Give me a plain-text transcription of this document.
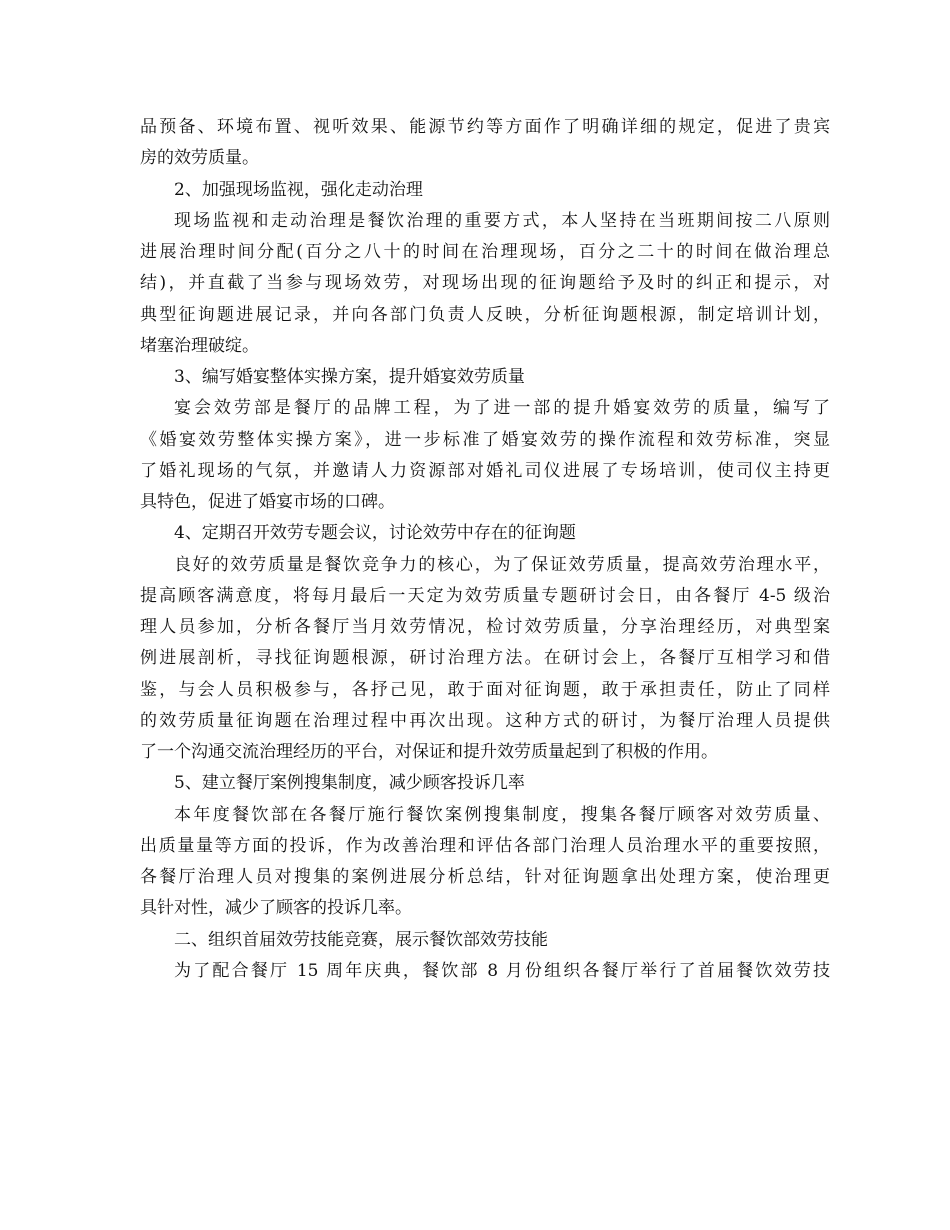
品预备、环境布置、视听效果、能源节约等方面作了明确详细的规定，促进了贵宾
房的效劳质量。
2、加强现场监视，强化走动治理
现场监视和走动治理是餐饮治理的重要方式，本人坚持在当班期间按二八原则
进展治理时间分配(百分之八十的时间在治理现场，百分之二十的时间在做治理总
结)，并直截了当参与现场效劳，对现场出现的征询题给予及时的纠正和提示，对
典型征询题进展记录，并向各部门负责人反映，分析征询题根源，制定培训计划，
堵塞治理破绽。
3、编写婚宴整体实操方案，提升婚宴效劳质量
宴会效劳部是餐厅的品牌工程，为了进一部的提升婚宴效劳的质量，编写了
《婚宴效劳整体实操方案》，进一步标准了婚宴效劳的操作流程和效劳标准，突显
了婚礼现场的气氛，并邀请人力资源部对婚礼司仪进展了专场培训，使司仪主持更
具特色，促进了婚宴市场的口碑。
4、定期召开效劳专题会议，讨论效劳中存在的征询题
良好的效劳质量是餐饮竞争力的核心，为了保证效劳质量，提高效劳治理水平，
提高顾客满意度，将每月最后一天定为效劳质量专题研讨会日，由各餐厅 4-5 级治
理人员参加，分析各餐厅当月效劳情况，检讨效劳质量，分享治理经历，对典型案
例进展剖析，寻找征询题根源，研讨治理方法。在研讨会上，各餐厅互相学习和借
鉴，与会人员积极参与，各抒己见，敢于面对征询题，敢于承担责任，防止了同样
的效劳质量征询题在治理过程中再次出现。这种方式的研讨，为餐厅治理人员提供
了一个沟通交流治理经历的平台，对保证和提升效劳质量起到了积极的作用。
5、建立餐厅案例搜集制度，减少顾客投诉几率
本年度餐饮部在各餐厅施行餐饮案例搜集制度，搜集各餐厅顾客对效劳质量、
出质量量等方面的投诉，作为改善治理和评估各部门治理人员治理水平的重要按照，
各餐厅治理人员对搜集的案例进展分析总结，针对征询题拿出处理方案，使治理更
具针对性，减少了顾客的投诉几率。
二、组织首届效劳技能竞赛，展示餐饮部效劳技能
为了配合餐厅 15 周年庆典，餐饮部 8 月份组织各餐厅举行了首届餐饮效劳技
